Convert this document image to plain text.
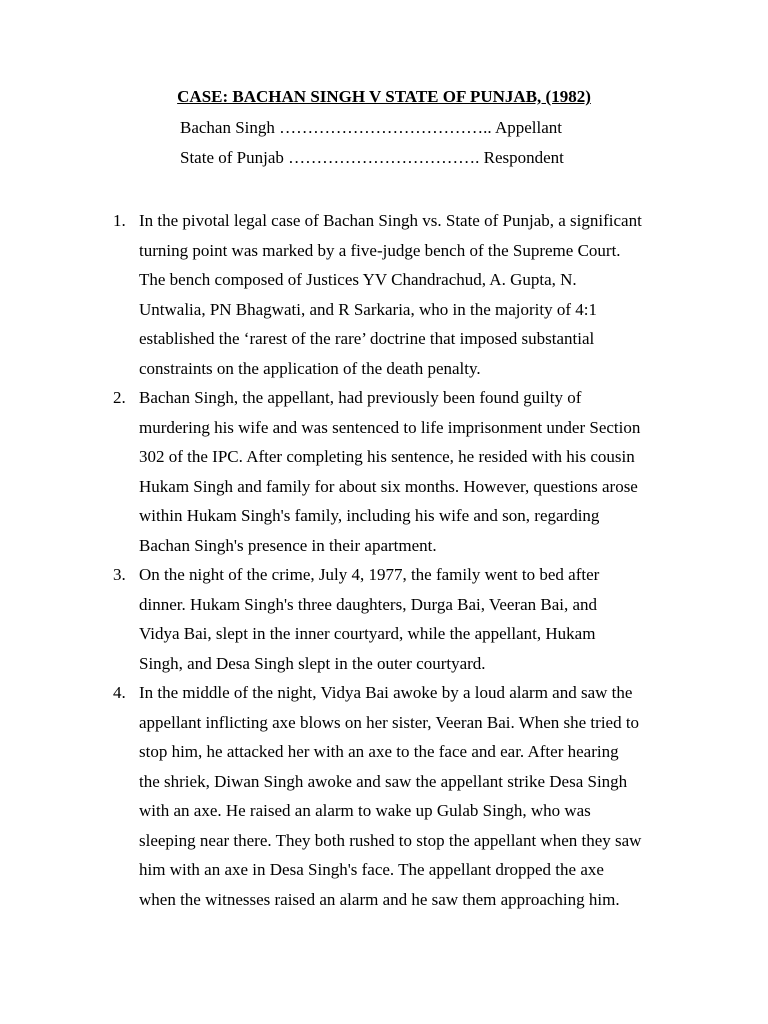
CASE: BACHAN SINGH V STATE OF PUNJAB, (1982)
Bachan Singh ……………………………….. Appellant
State of Punjab ……………………………. Respondent
1. In the pivotal legal case of Bachan Singh vs. State of Punjab, a significant
turning point was marked by a five-judge bench of the Supreme Court.
The bench composed of Justices YV Chandrachud, A. Gupta, N.
Untwalia, PN Bhagwati, and R Sarkaria, who in the majority of 4:1
established the ‘rarest of the rare’ doctrine that imposed substantial
constraints on the application of the death penalty.
2. Bachan Singh, the appellant, had previously been found guilty of
murdering his wife and was sentenced to life imprisonment under Section
302 of the IPC. After completing his sentence, he resided with his cousin
Hukam Singh and family for about six months. However, questions arose
within Hukam Singh's family, including his wife and son, regarding
Bachan Singh's presence in their apartment.
3. On the night of the crime, July 4, 1977, the family went to bed after
dinner. Hukam Singh's three daughters, Durga Bai, Veeran Bai, and
Vidya Bai, slept in the inner courtyard, while the appellant, Hukam
Singh, and Desa Singh slept in the outer courtyard.
4. In the middle of the night, Vidya Bai awoke by a loud alarm and saw the
appellant inflicting axe blows on her sister, Veeran Bai. When she tried to
stop him, he attacked her with an axe to the face and ear. After hearing
the shriek, Diwan Singh awoke and saw the appellant strike Desa Singh
with an axe. He raised an alarm to wake up Gulab Singh, who was
sleeping near there. They both rushed to stop the appellant when they saw
him with an axe in Desa Singh's face. The appellant dropped the axe
when the witnesses raised an alarm and he saw them approaching him.
